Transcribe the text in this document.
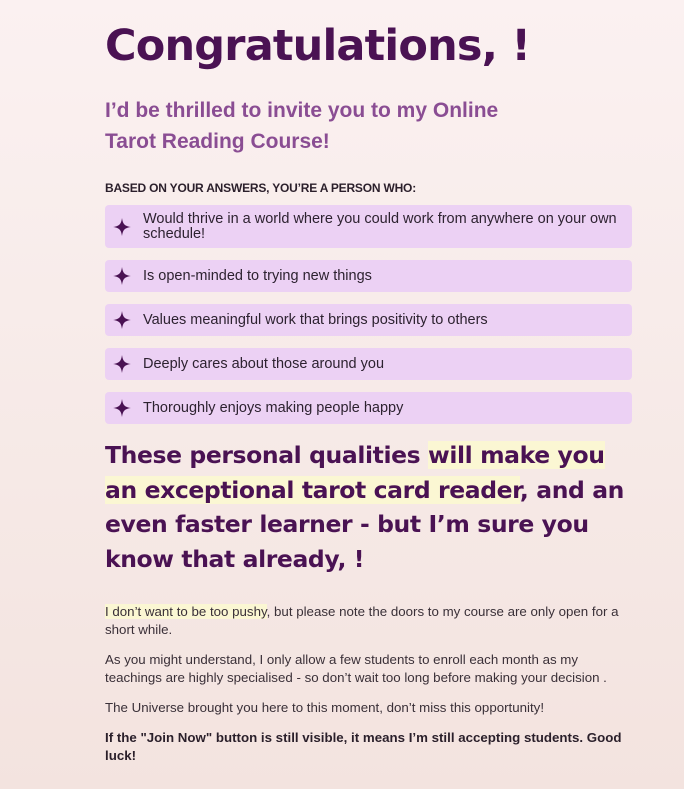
Congratulations, !
I’d be thrilled to invite you to my Online Tarot Reading Course!
BASED ON YOUR ANSWERS, YOU’RE A PERSON WHO:
Would thrive in a world where you could work from anywhere on your own schedule!
Is open-minded to trying new things
Values meaningful work that brings positivity to others
Deeply cares about those around you
Thoroughly enjoys making people happy
These personal qualities will make you an exceptional tarot card reader, and an even faster learner - but I’m sure you know that already, !

I don’t want to be too pushy, but please note the doors to my course are only open for a short while.

As you might understand, I only allow a few students to enroll each month as my teachings are highly specialised - so don’t wait too long before making your decision .

The Universe brought you here to this moment, don’t miss this opportunity!

If the "Join Now" button is still visible, it means I’m still accepting students. Good luck!
